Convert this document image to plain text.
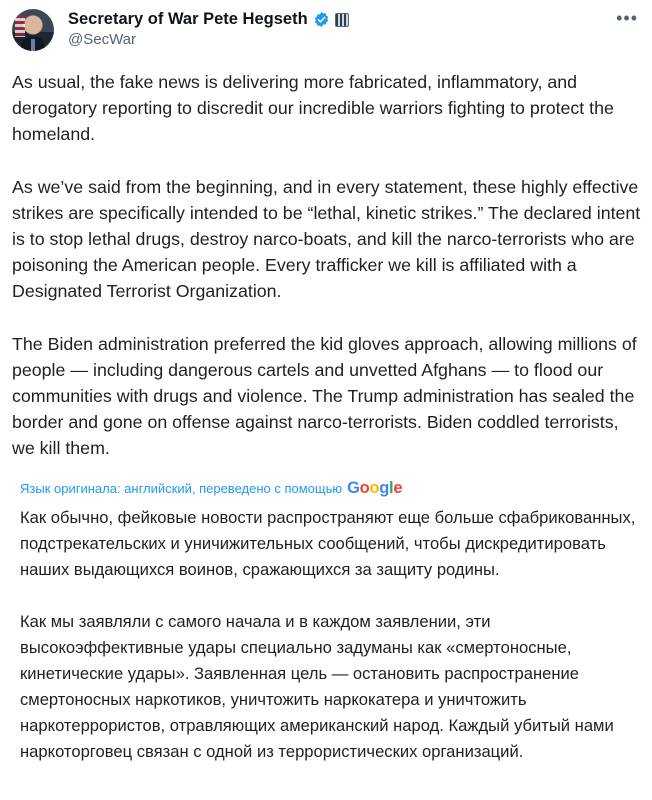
Secretary of War Pete Hegseth
@SecWar
•••

As usual, the fake news is delivering more fabricated, inflammatory, and derogatory reporting to discredit our incredible warriors fighting to protect the homeland.

As we’ve said from the beginning, and in every statement, these highly effective strikes are specifically intended to be “lethal, kinetic strikes.” The declared intent is to stop lethal drugs, destroy narco-boats, and kill the narco-terrorists who are poisoning the American people. Every trafficker we kill is affiliated with a Designated Terrorist Organization.

The Biden administration preferred the kid gloves approach, allowing millions of people — including dangerous cartels and unvetted Afghans — to flood our communities with drugs and violence. The Trump administration has sealed the border and gone on offense against narco-terrorists. Biden coddled terrorists, we kill them.

Язык оригинала: английский, переведено с помощью Google

Как обычно, фейковые новости распространяют еще больше сфабрикованных, подстрекательских и уничижительных сообщений, чтобы дискредитировать наших выдающихся воинов, сражающихся за защиту родины.

Как мы заявляли с самого начала и в каждом заявлении, эти высокоэффективные удары специально задуманы как «смертоносные, кинетические удары». Заявленная цель — остановить распространение смертоносных наркотиков, уничтожить наркокатера и уничтожить наркотеррористов, отравляющих американский народ. Каждый убитый нами наркоторговец связан с одной из террористических организаций.
